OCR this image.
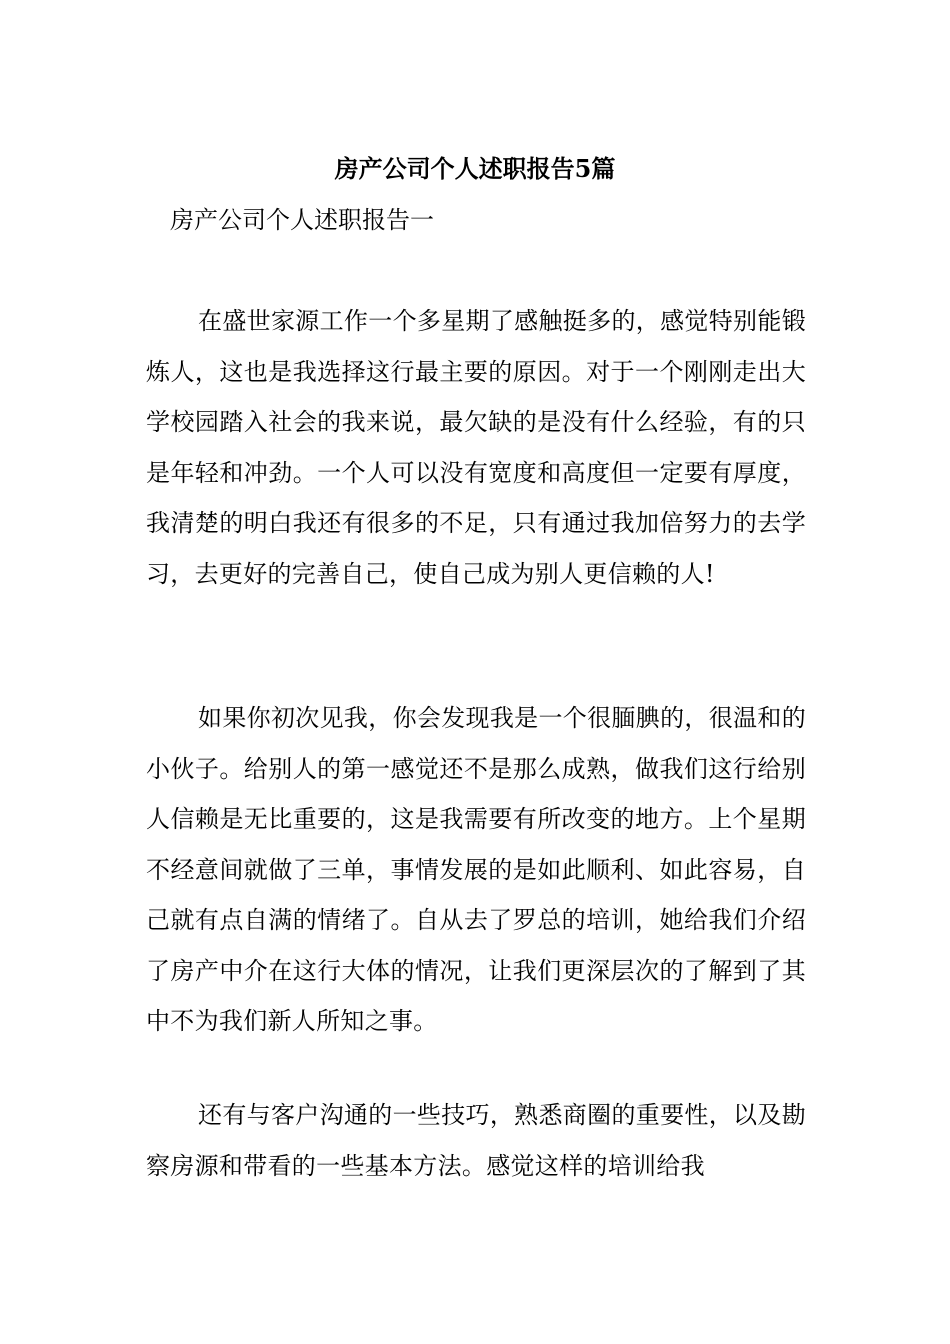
房产公司个人述职报告5篇
房产公司个人述职报告一

在盛世家源工作一个多星期了感触挺多的，感觉特别能锻炼人，这也是我选择这行最主要的原因。对于一个刚刚走出大学校园踏入社会的我来说，最欠缺的是没有什么经验，有的只是年轻和冲劲。一个人可以没有宽度和高度但一定要有厚度，我清楚的明白我还有很多的不足，只有通过我加倍努力的去学习，去更好的完善自己，使自己成为别人更信赖的人!

如果你初次见我，你会发现我是一个很腼腆的，很温和的小伙子。给别人的第一感觉还不是那么成熟，做我们这行给别人信赖是无比重要的，这是我需要有所改变的地方。上个星期不经意间就做了三单，事情发展的是如此顺利、如此容易，自己就有点自满的情绪了。自从去了罗总的培训，她给我们介绍了房产中介在这行大体的情况，让我们更深层次的了解到了其中不为我们新人所知之事。

还有与客户沟通的一些技巧，熟悉商圈的重要性，以及勘察房源和带看的一些基本方法。感觉这样的培训给我
